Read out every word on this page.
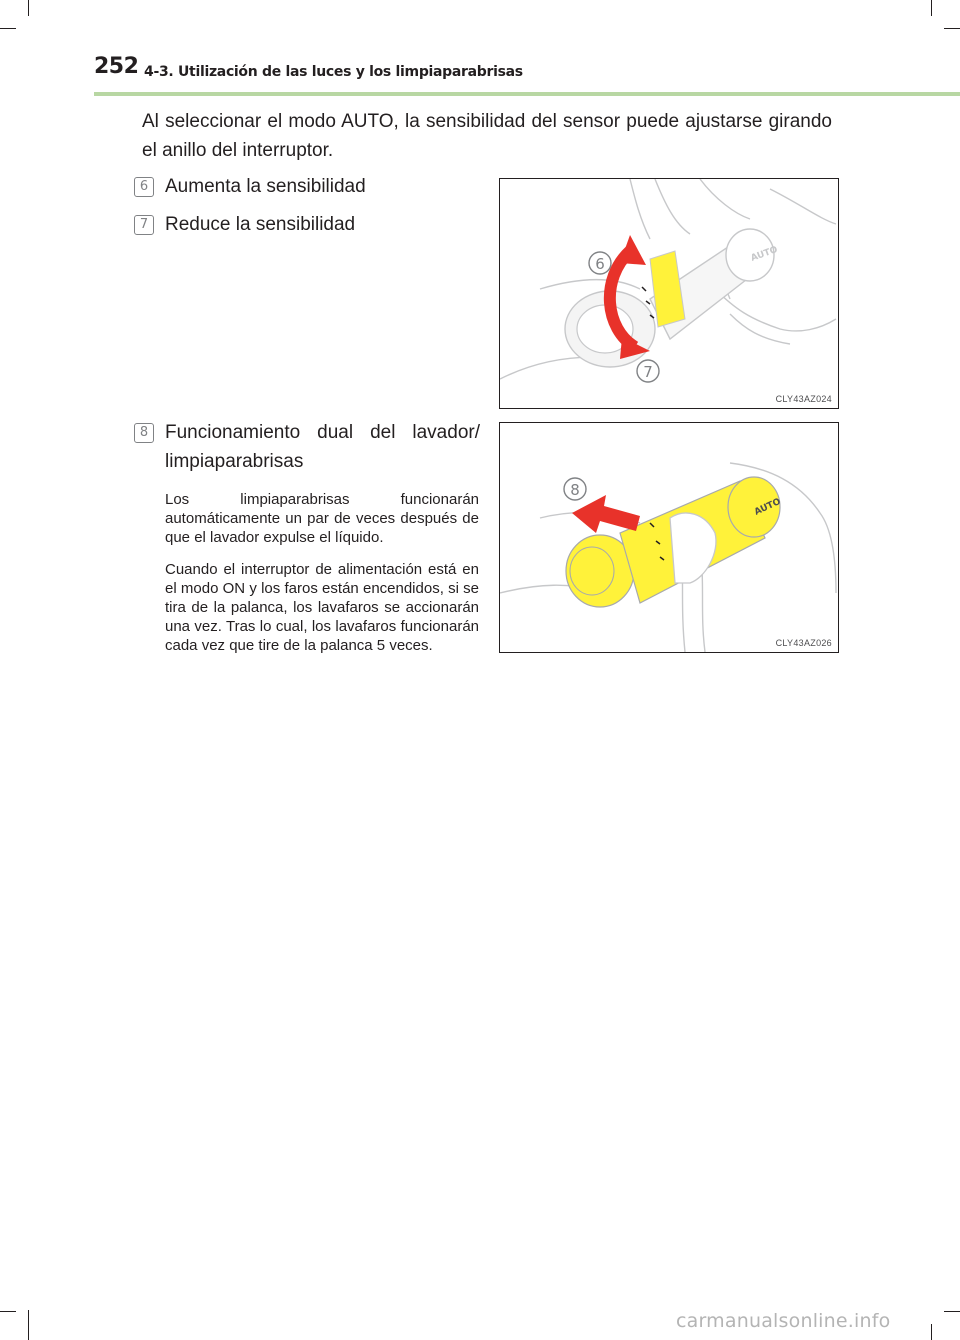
252 4-3. Utilización de las luces y los limpiaparabrisas

Al seleccionar el modo AUTO, la sensibilidad del sensor puede ajustarse girando el anillo del interruptor.

6 Aumenta la sensibilidad
7 Reduce la sensibilidad
8 Funcionamiento dual del lavador/
limpiaparabrisas

Los limpiaparabrisas funcionarán automáticamente un par de veces después de que el lavador expulse el líquido.

Cuando el interruptor de alimentación está en el modo ON y los faros están encendidos, si se tira de la palanca, los lavafaros se accionarán una vez. Tras lo cual, los lavafaros funcionarán cada vez que tire de la palanca 5 veces.

AUTO
6
7
CLY43AZ024
AUTO
8
CLY43AZ026
carmanualsonline.info
